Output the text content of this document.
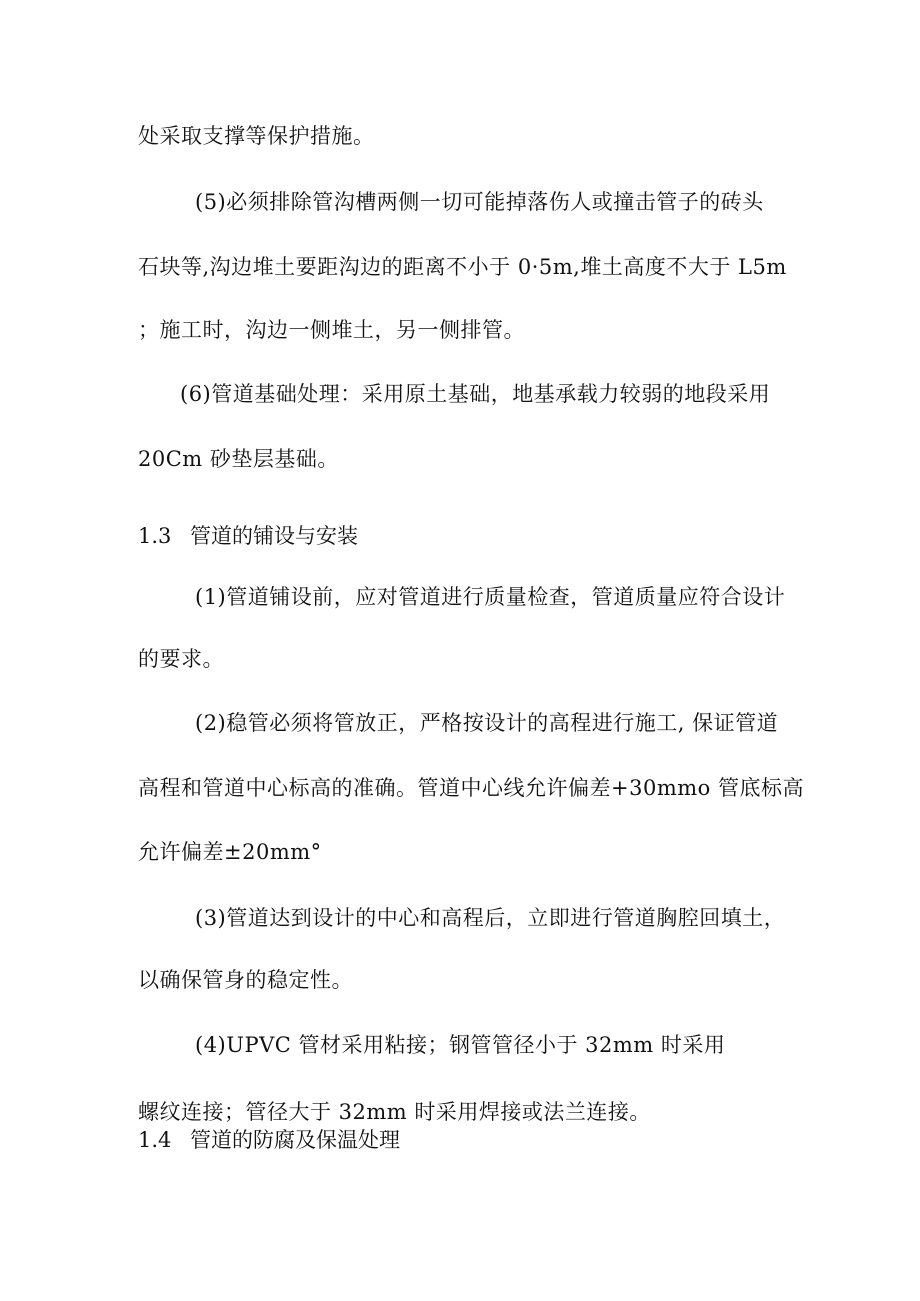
处采取支撑等保护措施。
(5)必须排除管沟槽两侧一切可能掉落伤人或撞击管子的砖头
石块等,沟边堆土要距沟边的距离不小于 0·5m,堆土高度不大于 L5m
；施工时，沟边一侧堆土，另一侧排管。
(6)管道基础处理：采用原土基础，地基承载力较弱的地段采用
20Cm 砂垫层基础。
1.3 管道的铺设与安装
(1)管道铺设前，应对管道进行质量检查，管道质量应符合设计
的要求。
(2)稳管必须将管放正，严格按设计的高程进行施工, 保证管道
高程和管道中心标高的准确。管道中心线允许偏差+30mmo 管底标高
允许偏差±20mm°
(3)管道达到设计的中心和高程后，立即进行管道胸腔回填土，
以确保管身的稳定性。
(4)UPVC 管材采用粘接；钢管管径小于 32mm 时采用
螺纹连接；管径大于 32mm 时采用焊接或法兰连接。
1.4 管道的防腐及保温处理
